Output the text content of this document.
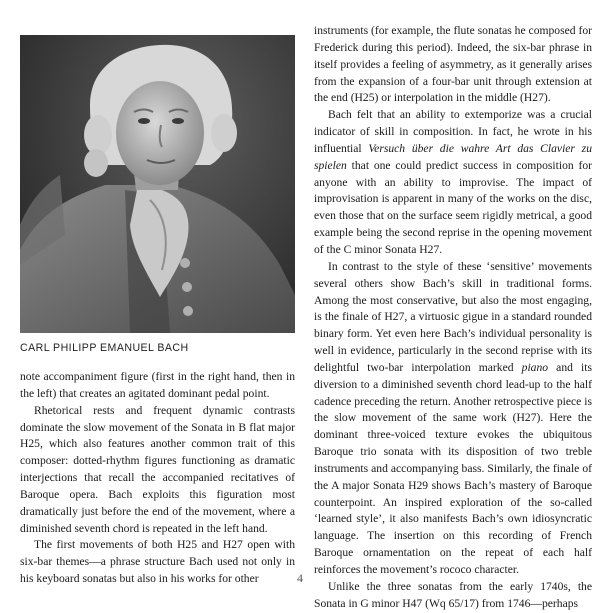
CARL PHILIPP EMANUEL BACH

note accompaniment figure (first in the right hand, then in the left) that creates an agitated dominant pedal point.

Rhetorical rests and frequent dynamic contrasts dominate the slow movement of the Sonata in B flat major H25, which also features another common trait of this composer: dotted-rhythm figures functioning as dramatic interjections that recall the accompanied recitatives of Baroque opera. Bach exploits this figuration most dramatically just before the end of the movement, where a diminished seventh chord is repeated in the left hand.

The first movements of both H25 and H27 open with six-bar themes—a phrase structure Bach used not only in his keyboard sonatas but also in his works for other

instruments (for example, the flute sonatas he composed for Frederick during this period). Indeed, the six-bar phrase in itself provides a feeling of asymmetry, as it generally arises from the expansion of a four-bar unit through extension at the end (H25) or interpolation in the middle (H27).

Bach felt that an ability to extemporize was a crucial indicator of skill in composition. In fact, he wrote in his influential Versuch über die wahre Art das Clavier zu spielen that one could predict success in composition for anyone with an ability to improvise. The impact of improvisation is apparent in many of the works on the disc, even those that on the surface seem rigidly metrical, a good example being the second reprise in the opening movement of the C minor Sonata H27.

In contrast to the style of these ‘sensitive’ movements several others show Bach’s skill in traditional forms. Among the most conservative, but also the most engaging, is the finale of H27, a virtuosic gigue in a standard rounded binary form. Yet even here Bach’s individual personality is well in evidence, particularly in the second reprise with its delightful two-bar interpolation marked piano and its diversion to a diminished seventh chord lead-up to the half cadence preceding the return. Another retrospective piece is the slow movement of the same work (H27). Here the dominant three-voiced texture evokes the ubiquitous Baroque trio sonata with its disposition of two treble instruments and accompanying bass. Similarly, the finale of the A major Sonata H29 shows Bach’s mastery of Baroque counterpoint. An inspired exploration of the so-called ‘learned style’, it also manifests Bach’s own idiosyncratic language. The insertion on this recording of French Baroque ornamentation on the repeat of each half reinforces the movement’s rococo character.

Unlike the three sonatas from the early 1740s, the Sonata in G minor H47 (Wq 65/17) from 1746—perhaps

4
